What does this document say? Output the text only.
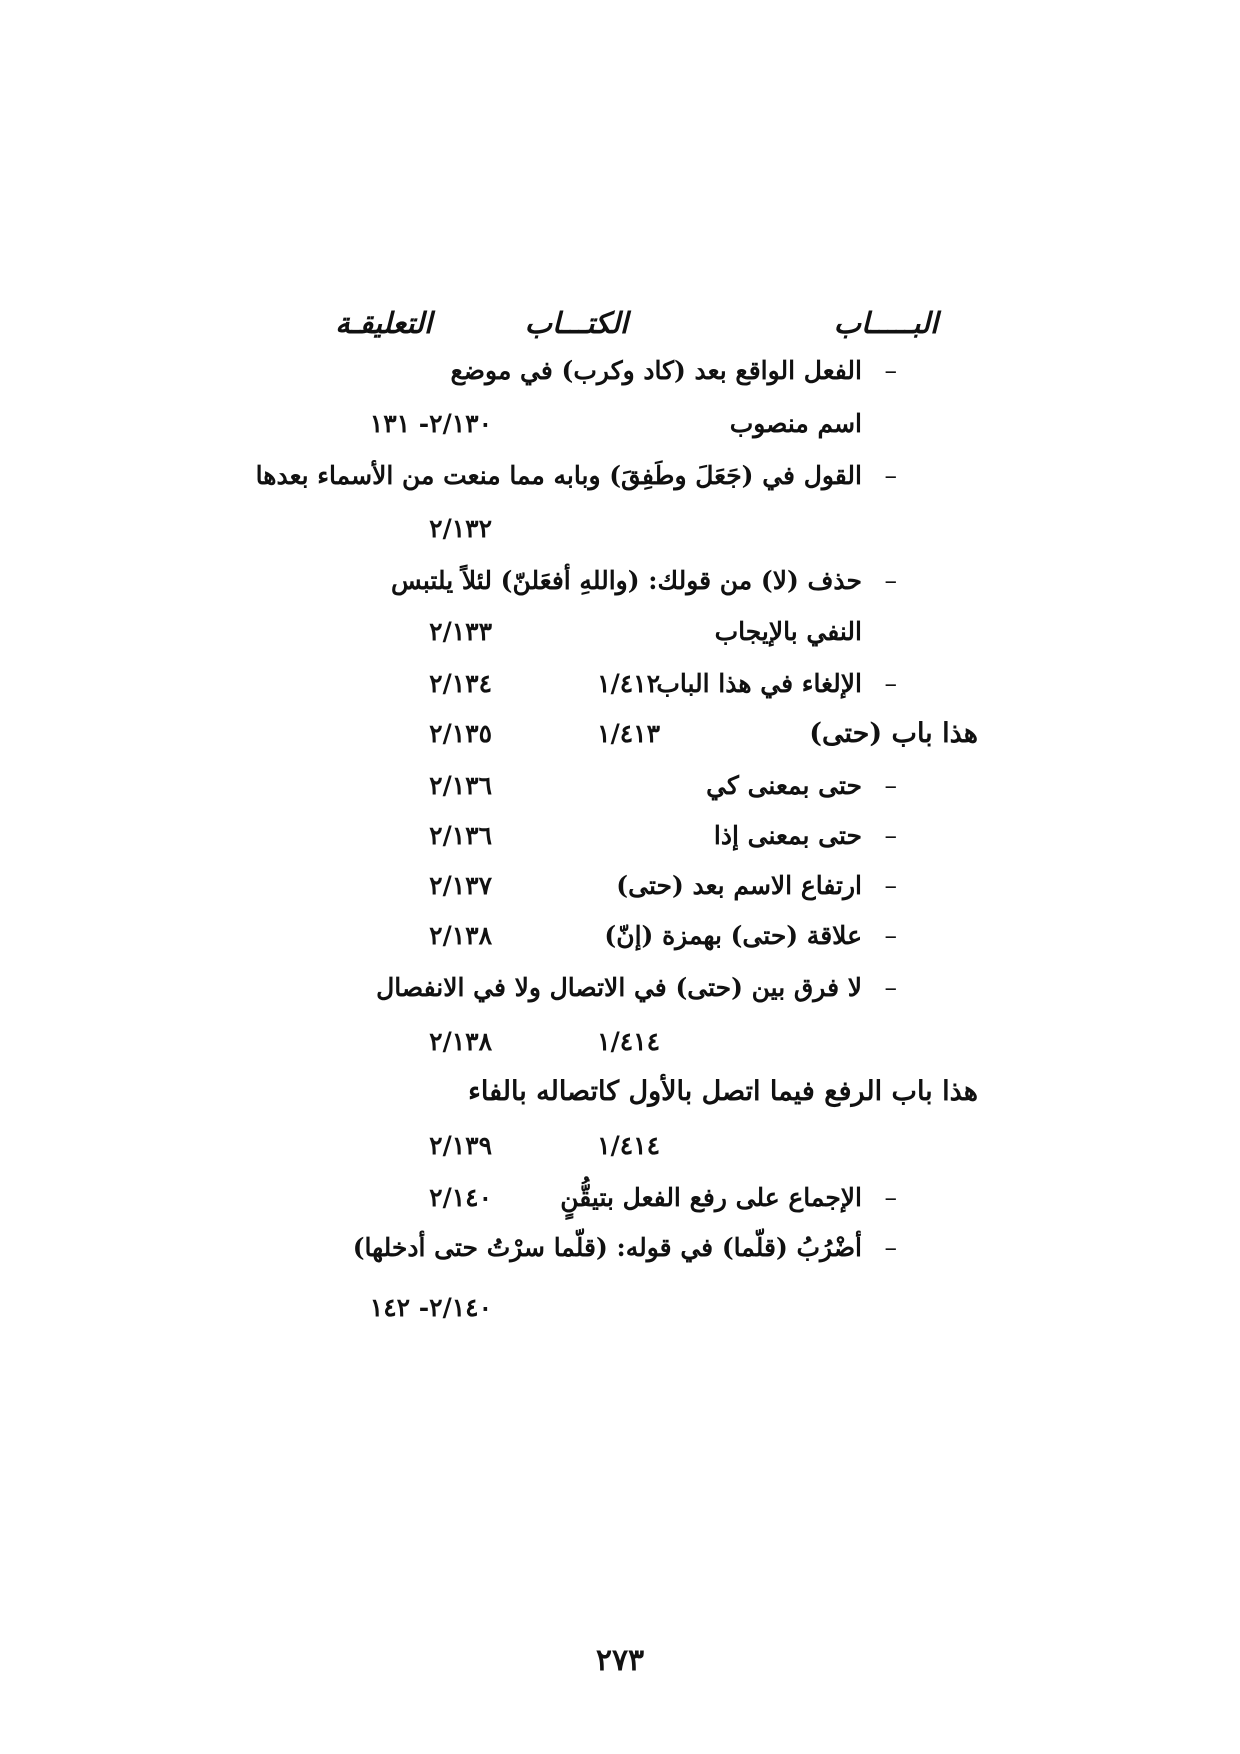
البـــــاب
الكتـــاب
التعليقـة
–
الفعل الواقع بعد (كاد وكرب) في موضع
اسم منصوب
٢/١٣٠- ١٣١
–
القول في (جَعَلَ وطَفِقَ) وبابه مما منعت من الأسماء بعدها
٢/١٣٢
–
حذف (لا) من قولك: (واللهِ أفعَلنّ) لئلاً يلتبس
النفي بالإيجاب
٢/١٣٣
–
الإلغاء في هذا الباب
١/٤١٢
٢/١٣٤
هذا باب (حتى)
١/٤١٣
٢/١٣٥
–
حتى بمعنى كي
٢/١٣٦
–
حتى بمعنى إذا
٢/١٣٦
–
ارتفاع الاسم بعد (حتى)
٢/١٣٧
–
علاقة (حتى) بهمزة (إنّ)
٢/١٣٨
–
لا فرق بين (حتى) في الاتصال ولا في الانفصال
١/٤١٤
٢/١٣٨
هذا باب الرفع فيما اتصل بالأول كاتصاله بالفاء
١/٤١٤
٢/١٣٩
–
الإجماع على رفع الفعل بتيقُّنٍ
٢/١٤٠
–
أضْرُبُ (قلّما) في قوله: (قلّما سرْتُ حتى أدخلها)
٢/١٤٠- ١٤٢
٢٧٣
